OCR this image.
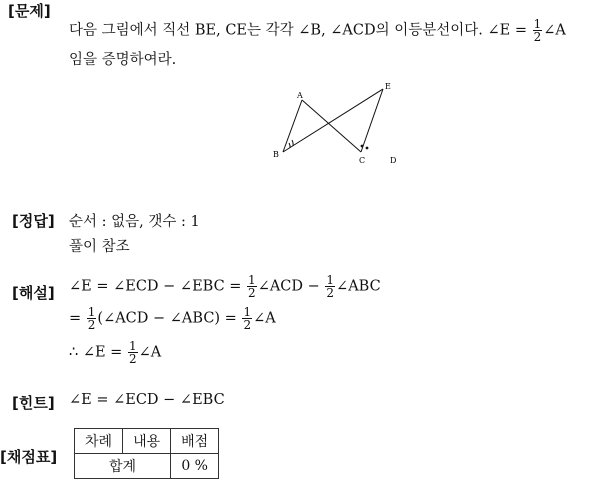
[문제]
다음 그림에서 직선 BE, CE는 각각 ∠B, ∠ACD의 이등분선이다. ∠E = $\frac{1}{2}$ ∠A
임을 증명하여라.
A
E
B
C	D
[정답] 순서 : 없음, 갯수 : 1
풀이 참조
[해설] ∠E = ∠ECD − ∠EBC = $\frac{1}{2}$ ∠ACD − $\frac{1}{2}$ ∠ABC
= $\frac{1}{2}$ (∠ACD − ∠ABC) = $\frac{1}{2}$ ∠A
∴ ∠E = $\frac{1}{2}$ ∠A
[힌트] ∠E = ∠ECD − ∠EBC
[채점표]
차례	내용	배점
합계		0 %
